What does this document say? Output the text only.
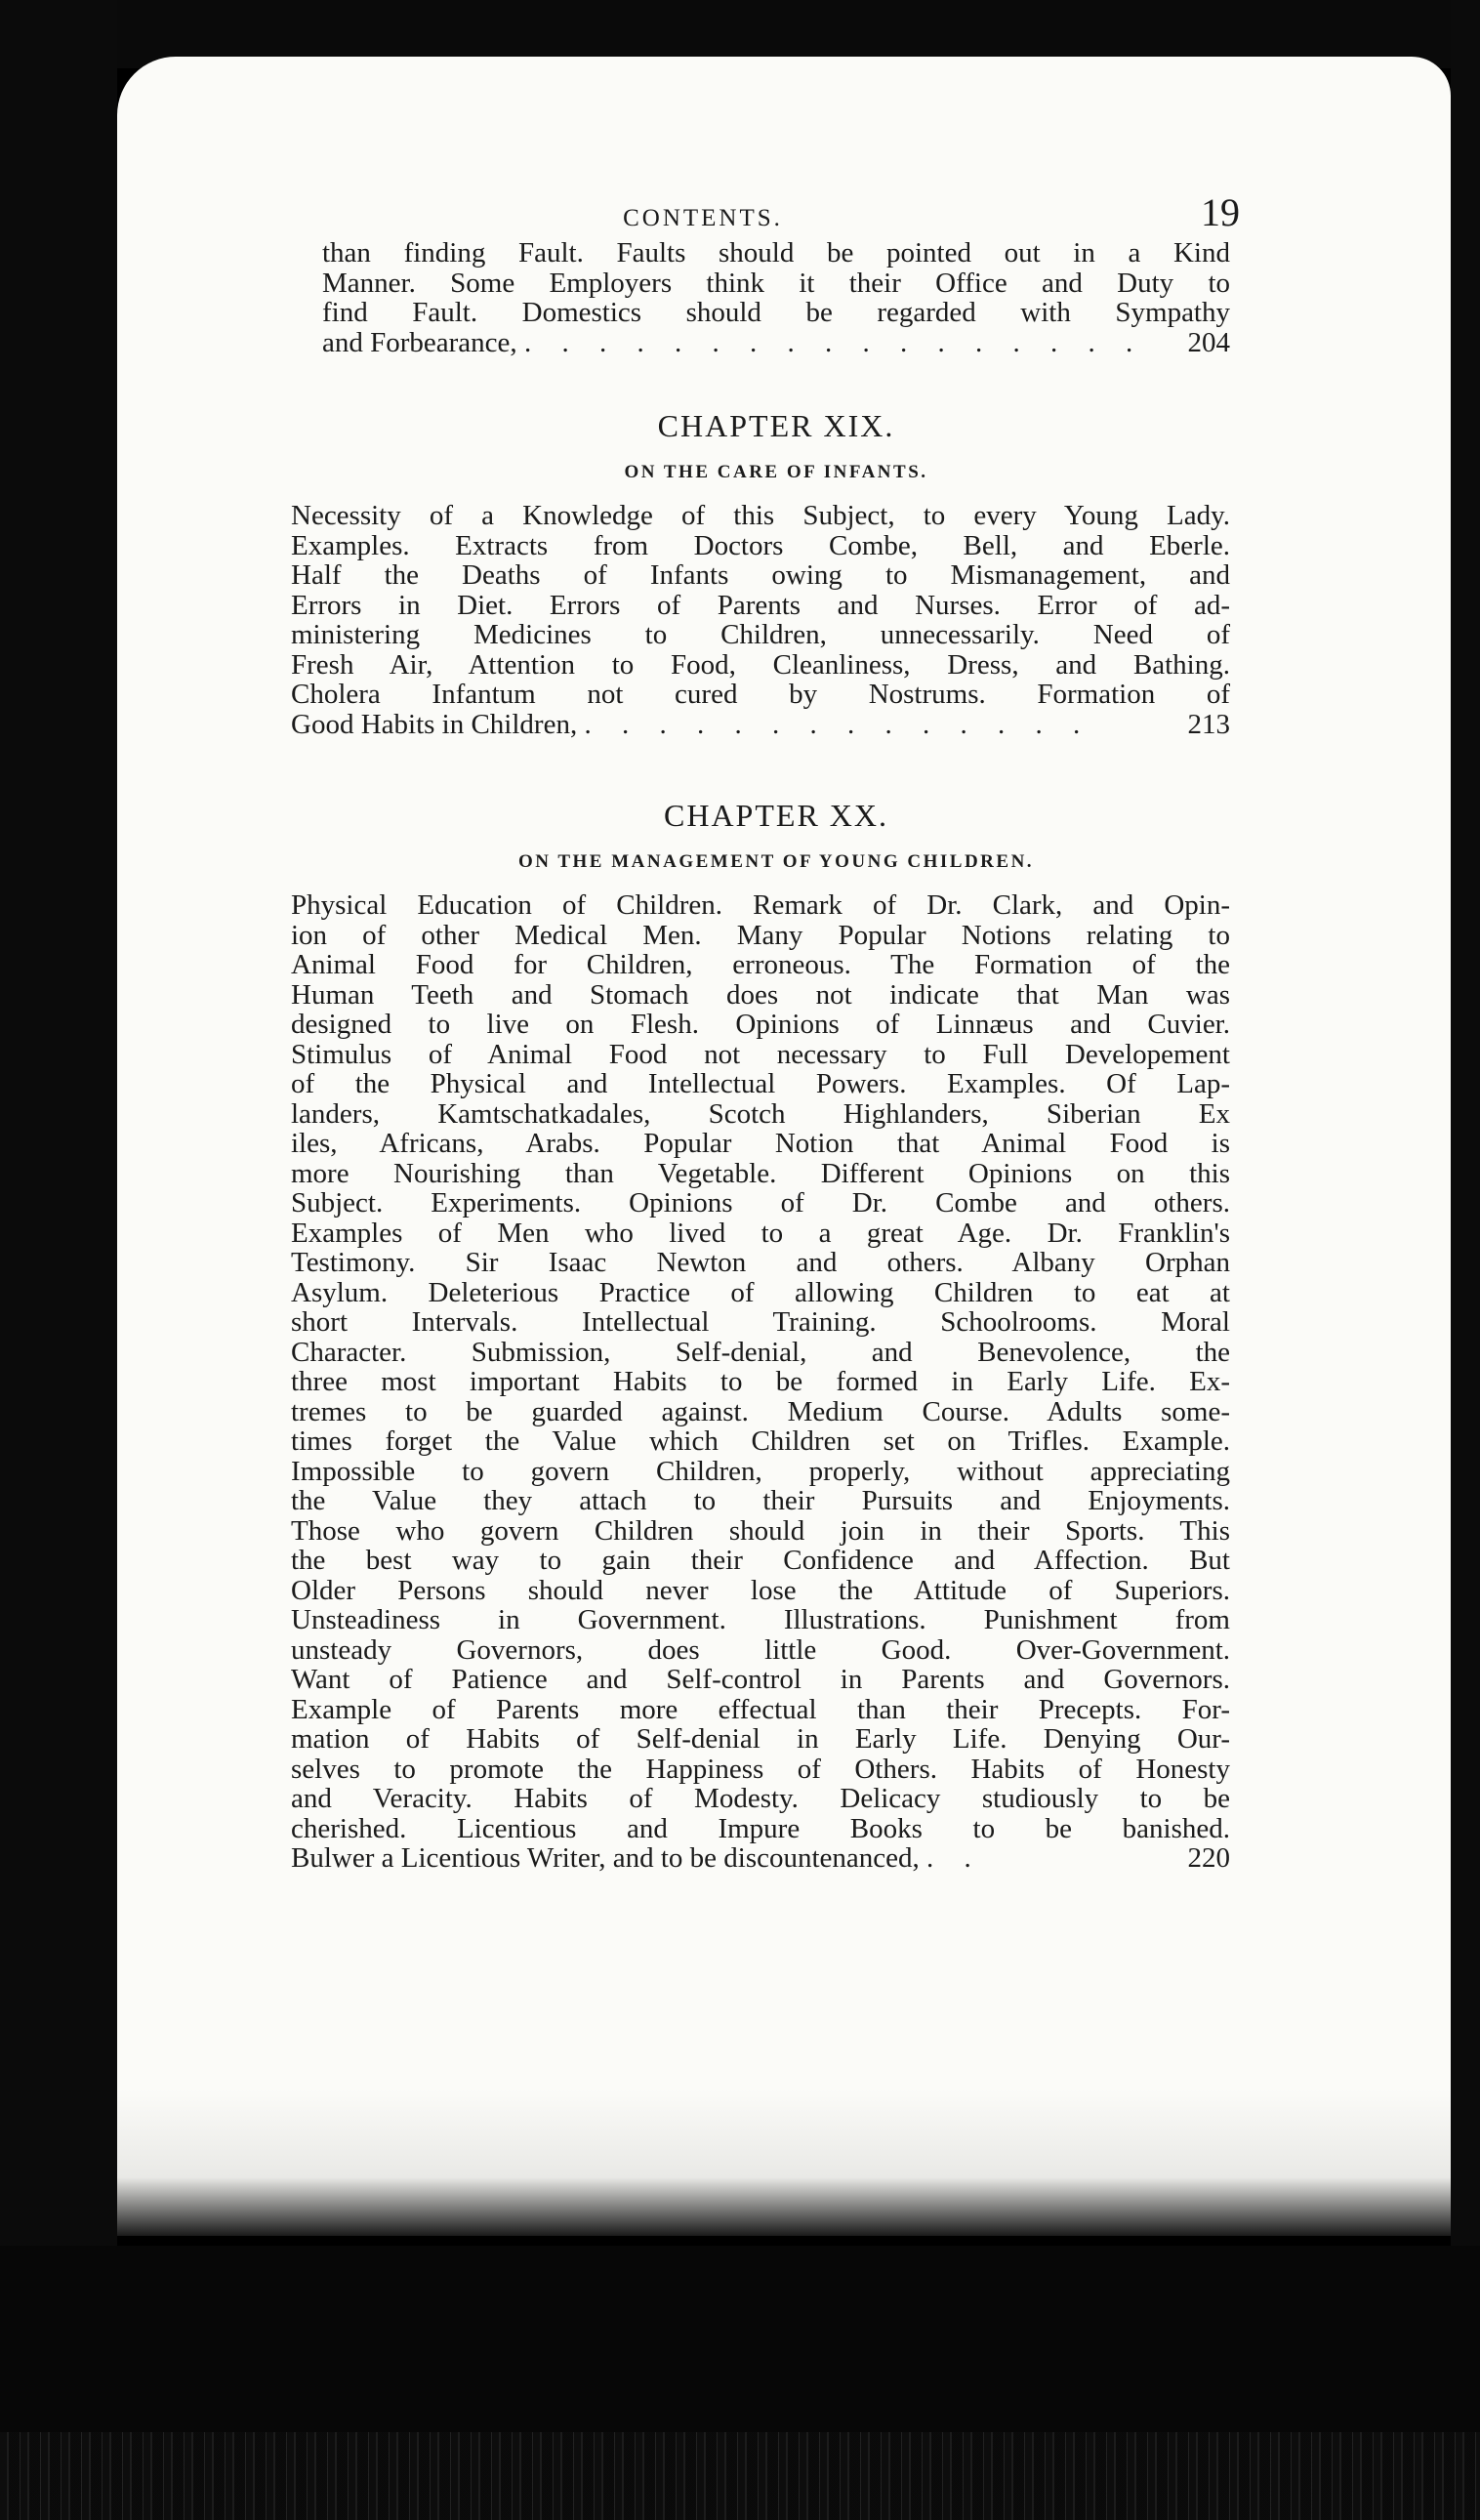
CONTENTS.	19
than finding Fault. Faults should be pointed out in a Kind
Manner. Some Employers think it their Office and Duty to
find Fault. Domestics should be regarded with Sympathy
and Forbearance, . . . . . . . . . . . . . . . . . 204
CHAPTER XIX.
ON THE CARE OF INFANTS.
Necessity of a Knowledge of this Subject, to every Young Lady.
Examples. Extracts from Doctors Combe, Bell, and Eberle.
Half the Deaths of Infants owing to Mismanagement, and
Errors in Diet. Errors of Parents and Nurses. Error of ad-
ministering Medicines to Children, unnecessarily. Need of
Fresh Air, Attention to Food, Cleanliness, Dress, and Bathing.
Cholera Infantum not cured by Nostrums. Formation of
Good Habits in Children, . . . . . . . . . . . . . .	213
CHAPTER XX.
ON THE MANAGEMENT OF YOUNG CHILDREN.
Physical Education of Children. Remark of Dr. Clark, and Opin-
ion of other Medical Men. Many Popular Notions relating to
Animal Food for Children, erroneous. The Formation of the
Human Teeth and Stomach does not indicate that Man was
designed to live on Flesh. Opinions of Linnæus and Cuvier.
Stimulus of Animal Food not necessary to Full Developement
of the Physical and Intellectual Powers. Examples. Of Lap-
landers, Kamtschatkadales, Scotch Highlanders, Siberian Ex
iles, Africans, Arabs. Popular Notion that Animal Food is
more Nourishing than Vegetable. Different Opinions on this
Subject. Experiments. Opinions of Dr. Combe and others.
Examples of Men who lived to a great Age. Dr. Franklin's
Testimony. Sir Isaac Newton and others. Albany Orphan
Asylum. Deleterious Practice of allowing Children to eat at
short Intervals. Intellectual Training. Schoolrooms. Moral
Character. Submission, Self-denial, and Benevolence, the
three most important Habits to be formed in Early Life. Ex-
tremes to be guarded against. Medium Course. Adults some-
times forget the Value which Children set on Trifles. Example.
Impossible to govern Children, properly, without appreciating
the Value they attach to their Pursuits and Enjoyments.
Those who govern Children should join in their Sports. This
the best way to gain their Confidence and Affection. But
Older Persons should never lose the Attitude of Superiors.
Unsteadiness in Government. Illustrations. Punishment from
unsteady Governors, does little Good. Over-Government.
Want of Patience and Self-control in Parents and Governors.
Example of Parents more effectual than their Precepts. For-
mation of Habits of Self-denial in Early Life. Denying Our-
selves to promote the Happiness of Others. Habits of Honesty
and Veracity. Habits of Modesty. Delicacy studiously to be
cherished. Licentious and Impure Books to be banished.
Bulwer a Licentious Writer, and to be discountenanced, . .	220
